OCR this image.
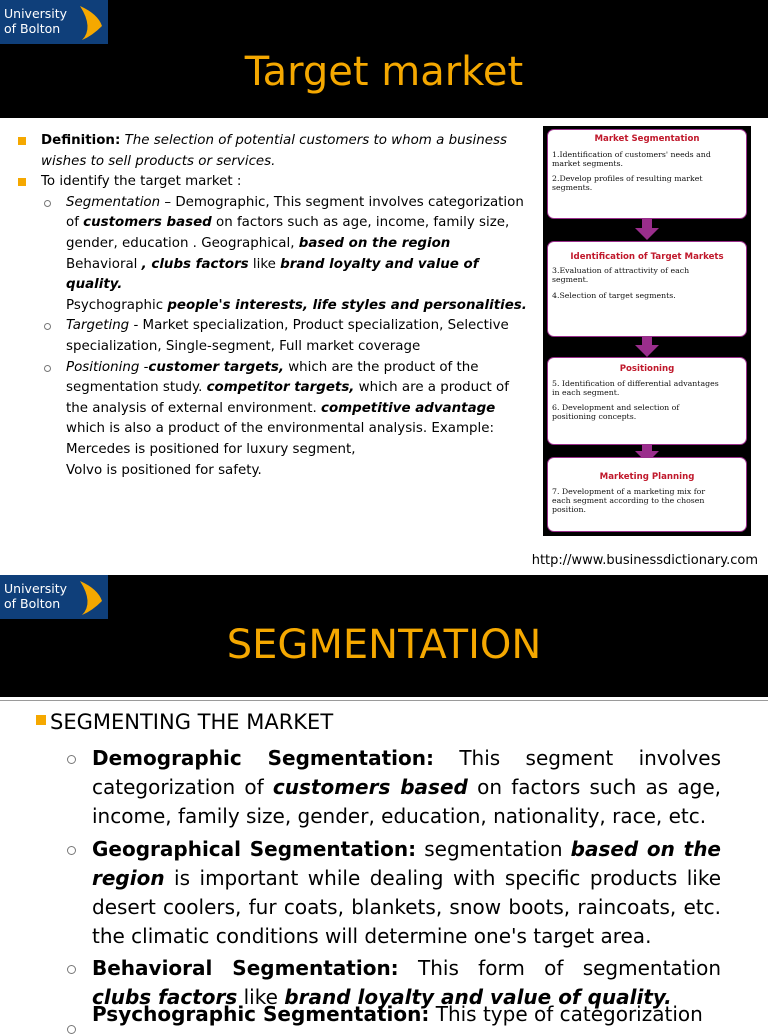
University
of Bolton
Target market
Definition: The selection of potential customers to whom a business wishes to sell products or services.
To identify the target market :

Segmentation – Demographic, This segment involves categorization of customers based on factors such as age, income, family size, gender, education . Geographical, based on the region

Behavioral , clubs factors like brand loyalty and value of quality.

Psychographic people's interests, life styles and personalities.

Targeting - Market specialization, Product specialization, Selective specialization, Single-segment, Full market coverage

Positioning -customer targets, which are the product of the segmentation study. competitor targets, which are a product of the analysis of external environment. competitive advantage

which is also a product of the environmental analysis. Example:

Mercedes is positioned for luxury segment,

Volvo is positioned for safety.

Market Segmentation
1.Identification of customers' needs and
market segments.
2.Develop profiles of resulting market
segments.
Identification of Target Markets
3.Evaluation of attractivity of each
segment.
4.Selection of target segments.
Positioning
5. Identification of differential advantages
in each segment.
6. Development and selection of
positioning concepts.
Marketing Planning
7. Development of a marketing mix for
each segment according to the chosen
position.
http://www.businessdictionary.com
University
of Bolton
SEGMENTATION
SEGMENTING THE MARKET
Demographic Segmentation: This segment involves categorization of customers based on factors such as age, income, family size, gender, education, nationality, race, etc.
Geographical Segmentation: segmentation based on the region is important while dealing with specific products like desert coolers, fur coats, blankets, snow boots, raincoats, etc. the climatic conditions will determine one's target area.
Behavioral Segmentation: This form of segmentation clubs factors like brand loyalty and value of quality.
Psychographic Segmentation: This type of categorization
